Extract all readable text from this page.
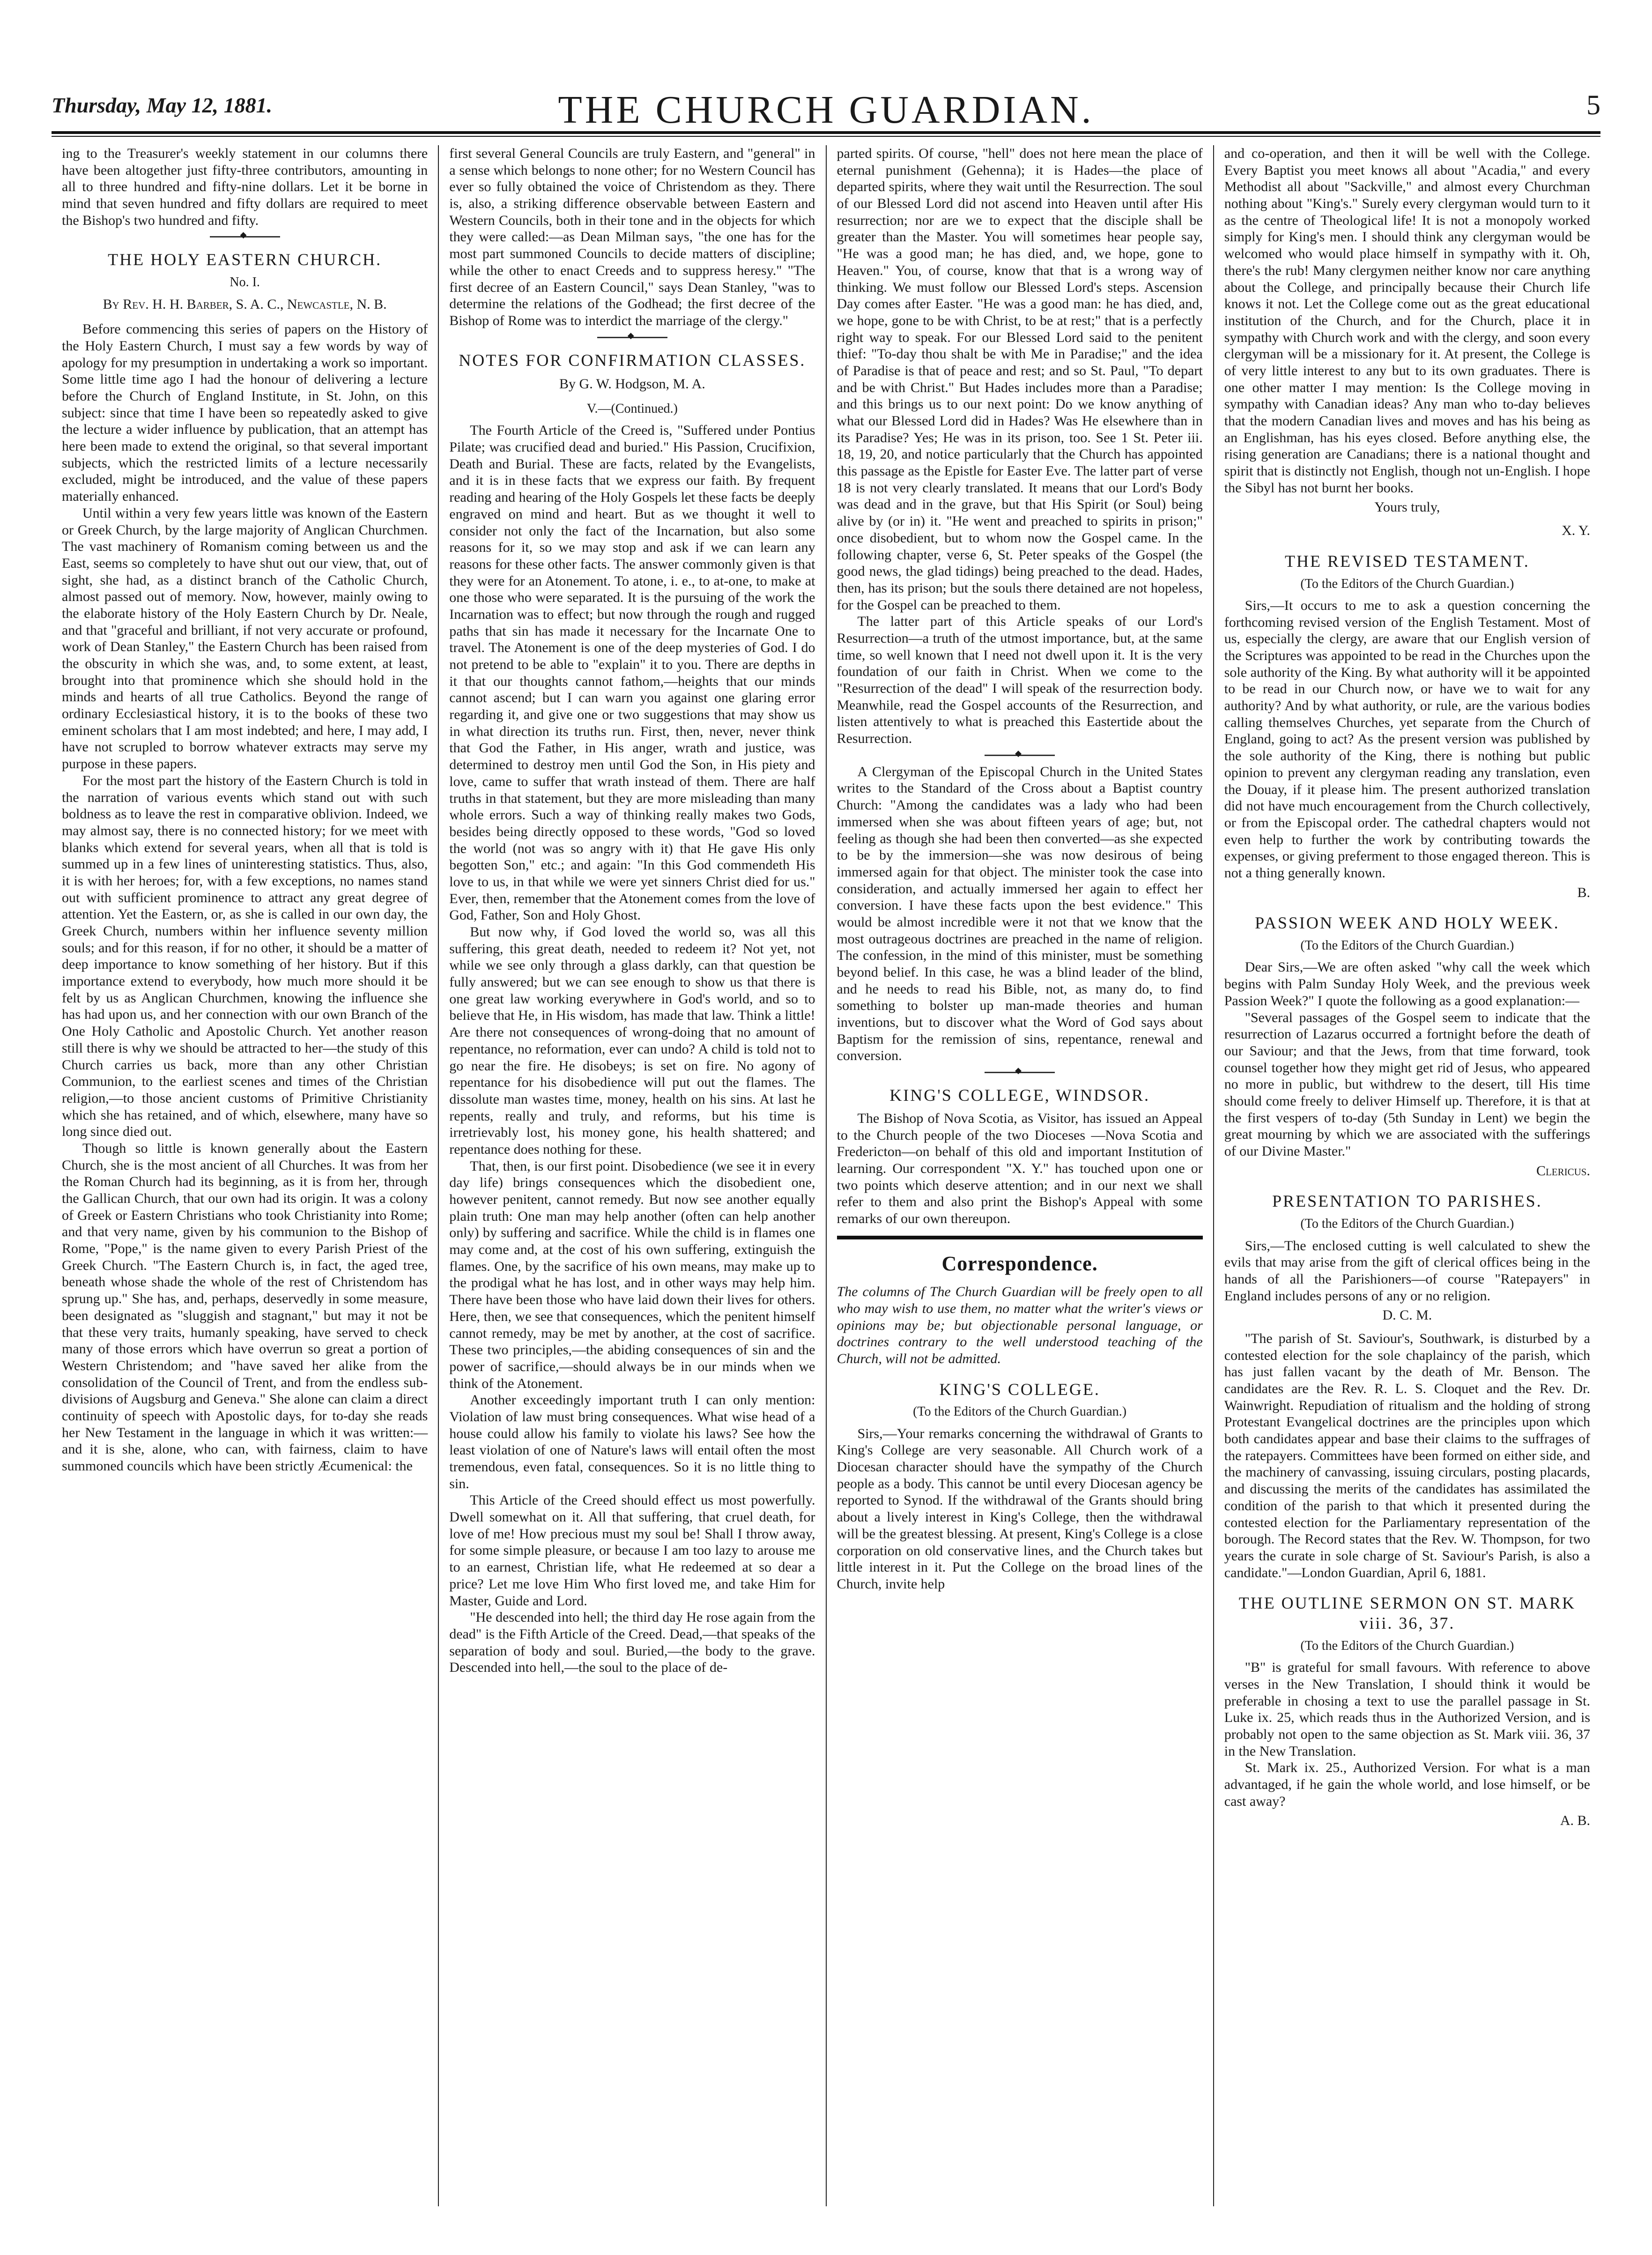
Thursday, May 12, 1881.	THE CHURCH GUARDIAN.	5

ing to the Treasurer's weekly statement in our columns there have been altogether just fifty-three contributors, amounting in all to three hundred and fifty-nine dollars. Let it be borne in mind that seven hundred and fifty dollars are required to meet the Bishop's two hundred and fifty.

◆
THE HOLY EASTERN CHURCH.
No. I.
By Rev. H. H. Barber, S. A. C., Newcastle, N. B.

Before commencing this series of papers on the History of the Holy Eastern Church, I must say a few words by way of apology for my presumption in undertaking a work so important. Some little time ago I had the honour of delivering a lecture before the Church of England Institute, in St. John, on this subject: since that time I have been so repeatedly asked to give the lecture a wider influence by publication, that an attempt has here been made to extend the original, so that several important subjects, which the restricted limits of a lecture necessarily excluded, might be introduced, and the value of these papers materially enhanced.

Until within a very few years little was known of the Eastern or Greek Church, by the large majority of Anglican Churchmen. The vast machinery of Romanism coming between us and the East, seems so completely to have shut out our view, that, out of sight, she had, as a distinct branch of the Catholic Church, almost passed out of memory. Now, however, mainly owing to the elaborate history of the Holy Eastern Church by Dr. Neale, and that "graceful and brilliant, if not very accurate or profound, work of Dean Stanley," the Eastern Church has been raised from the obscurity in which she was, and, to some extent, at least, brought into that prominence which she should hold in the minds and hearts of all true Catholics. Beyond the range of ordinary Ecclesiastical history, it is to the books of these two eminent scholars that I am most indebted; and here, I may add, I have not scrupled to borrow whatever extracts may serve my purpose in these papers.

For the most part the history of the Eastern Church is told in the narration of various events which stand out with such boldness as to leave the rest in comparative oblivion. Indeed, we may almost say, there is no connected history; for we meet with blanks which extend for several years, when all that is told is summed up in a few lines of uninteresting statistics. Thus, also, it is with her heroes; for, with a few exceptions, no names stand out with sufficient prominence to attract any great degree of attention. Yet the Eastern, or, as she is called in our own day, the Greek Church, numbers within her influence seventy million souls; and for this reason, if for no other, it should be a matter of deep importance to know something of her history. But if this importance extend to everybody, how much more should it be felt by us as Anglican Churchmen, knowing the influence she has had upon us, and her connection with our own Branch of the One Holy Catholic and Apostolic Church. Yet another reason still there is why we should be attracted to her—the study of this Church carries us back, more than any other Christian Communion, to the earliest scenes and times of the Christian religion,—to those ancient customs of Primitive Christianity which she has retained, and of which, elsewhere, many have so long since died out.

Though so little is known generally about the Eastern Church, she is the most ancient of all Churches. It was from her the Roman Church had its beginning, as it is from her, through the Gallican Church, that our own had its origin. It was a colony of Greek or Eastern Christians who took Christianity into Rome; and that very name, given by his communion to the Bishop of Rome, "Pope," is the name given to every Parish Priest of the Greek Church. "The Eastern Church is, in fact, the aged tree, beneath whose shade the whole of the rest of Christendom has sprung up." She has, and, perhaps, deservedly in some measure, been designated as "sluggish and stagnant," but may it not be that these very traits, humanly speaking, have served to check many of those errors which have overrun so great a portion of Western Christendom; and "have saved her alike from the consolidation of the Council of Trent, and from the endless sub-divisions of Augsburg and Geneva." She alone can claim a direct continuity of speech with Apostolic days, for to-day she reads her New Testament in the language in which it was written:—and it is she, alone, who can, with fairness, claim to have summoned councils which have been strictly Æcumenical: the

first several General Councils are truly Eastern, and "general" in a sense which belongs to none other; for no Western Council has ever so fully obtained the voice of Christendom as they. There is, also, a striking difference observable between Eastern and Western Councils, both in their tone and in the objects for which they were called:—as Dean Milman says, "the one has for the most part summoned Councils to decide matters of discipline; while the other to enact Creeds and to suppress heresy." "The first decree of an Eastern Council," says Dean Stanley, "was to determine the relations of the Godhead; the first decree of the Bishop of Rome was to interdict the marriage of the clergy."

◆
NOTES FOR CONFIRMATION CLASSES.
By G. W. Hodgson, M. A.
V.—(Continued.)

The Fourth Article of the Creed is, "Suffered under Pontius Pilate; was crucified dead and buried." His Passion, Crucifixion, Death and Burial. These are facts, related by the Evangelists, and it is in these facts that we express our faith. By frequent reading and hearing of the Holy Gospels let these facts be deeply engraved on mind and heart. But as we thought it well to consider not only the fact of the Incarnation, but also some reasons for it, so we may stop and ask if we can learn any reasons for these other facts. The answer commonly given is that they were for an Atonement. To atone, i. e., to at-one, to make at one those who were separated. It is the pursuing of the work the Incarnation was to effect; but now through the rough and rugged paths that sin has made it necessary for the Incarnate One to travel. The Atonement is one of the deep mysteries of God. I do not pretend to be able to "explain" it to you. There are depths in it that our thoughts cannot fathom,—heights that our minds cannot ascend; but I can warn you against one glaring error regarding it, and give one or two suggestions that may show us in what direction its truths run. First, then, never, never think that God the Father, in His anger, wrath and justice, was determined to destroy men until God the Son, in His piety and love, came to suffer that wrath instead of them. There are half truths in that statement, but they are more misleading than many whole errors. Such a way of thinking really makes two Gods, besides being directly opposed to these words, "God so loved the world (not was so angry with it) that He gave His only begotten Son," etc.; and again: "In this God commendeth His love to us, in that while we were yet sinners Christ died for us." Ever, then, remember that the Atonement comes from the love of God, Father, Son and Holy Ghost.

But now why, if God loved the world so, was all this suffering, this great death, needed to redeem it? Not yet, not while we see only through a glass darkly, can that question be fully answered; but we can see enough to show us that there is one great law working everywhere in God's world, and so to believe that He, in His wisdom, has made that law. Think a little! Are there not consequences of wrong-doing that no amount of repentance, no reformation, ever can undo? A child is told not to go near the fire. He disobeys; is set on fire. No agony of repentance for his disobedience will put out the flames. The dissolute man wastes time, money, health on his sins. At last he repents, really and truly, and reforms, but his time is irretrievably lost, his money gone, his health shattered; and repentance does nothing for these.

That, then, is our first point. Disobedience (we see it in every day life) brings consequences which the disobedient one, however penitent, cannot remedy. But now see another equally plain truth: One man may help another (often can help another only) by suffering and sacrifice. While the child is in flames one may come and, at the cost of his own suffering, extinguish the flames. One, by the sacrifice of his own means, may make up to the prodigal what he has lost, and in other ways may help him. There have been those who have laid down their lives for others. Here, then, we see that consequences, which the penitent himself cannot remedy, may be met by another, at the cost of sacrifice. These two principles,—the abiding consequences of sin and the power of sacrifice,—should always be in our minds when we think of the Atonement.

Another exceedingly important truth I can only mention: Violation of law must bring consequences. What wise head of a house could allow his family to violate his laws? See how the least violation of one of Nature's laws will entail often the most tremendous, even fatal, consequences. So it is no little thing to sin.

This Article of the Creed should effect us most powerfully. Dwell somewhat on it. All that suffering, that cruel death, for love of me! How precious must my soul be! Shall I throw away, for some simple pleasure, or because I am too lazy to arouse me to an earnest, Christian life, what He redeemed at so dear a price? Let me love Him Who first loved me, and take Him for Master, Guide and Lord.

"He descended into hell; the third day He rose again from the dead" is the Fifth Article of the Creed. Dead,—that speaks of the separation of body and soul. Buried,—the body to the grave. Descended into hell,—the soul to the place of de-

parted spirits. Of course, "hell" does not here mean the place of eternal punishment (Gehenna); it is Hades—the place of departed spirits, where they wait until the Resurrection. The soul of our Blessed Lord did not ascend into Heaven until after His resurrection; nor are we to expect that the disciple shall be greater than the Master. You will sometimes hear people say, "He was a good man; he has died, and, we hope, gone to Heaven." You, of course, know that that is a wrong way of thinking. We must follow our Blessed Lord's steps. Ascension Day comes after Easter. "He was a good man: he has died, and, we hope, gone to be with Christ, to be at rest;" that is a perfectly right way to speak. For our Blessed Lord said to the penitent thief: "To-day thou shalt be with Me in Paradise;" and the idea of Paradise is that of peace and rest; and so St. Paul, "To depart and be with Christ." But Hades includes more than a Paradise; and this brings us to our next point: Do we know anything of what our Blessed Lord did in Hades? Was He elsewhere than in its Paradise? Yes; He was in its prison, too. See 1 St. Peter iii. 18, 19, 20, and notice particularly that the Church has appointed this passage as the Epistle for Easter Eve. The latter part of verse 18 is not very clearly translated. It means that our Lord's Body was dead and in the grave, but that His Spirit (or Soul) being alive by (or in) it. "He went and preached to spirits in prison;" once disobedient, but to whom now the Gospel came. In the following chapter, verse 6, St. Peter speaks of the Gospel (the good news, the glad tidings) being preached to the dead. Hades, then, has its prison; but the souls there detained are not hopeless, for the Gospel can be preached to them.

The latter part of this Article speaks of our Lord's Resurrection—a truth of the utmost importance, but, at the same time, so well known that I need not dwell upon it. It is the very foundation of our faith in Christ. When we come to the "Resurrection of the dead" I will speak of the resurrection body. Meanwhile, read the Gospel accounts of the Resurrection, and listen attentively to what is preached this Eastertide about the Resurrection.

◆

A Clergyman of the Episcopal Church in the United States writes to the Standard of the Cross about a Baptist country Church: "Among the candidates was a lady who had been immersed when she was about fifteen years of age; but, not feeling as though she had been then converted—as she expected to be by the immersion—she was now desirous of being immersed again for that object. The minister took the case into consideration, and actually immersed her again to effect her conversion. I have these facts upon the best evidence." This would be almost incredible were it not that we know that the most outrageous doctrines are preached in the name of religion. The confession, in the mind of this minister, must be something beyond belief. In this case, he was a blind leader of the blind, and he needs to read his Bible, not, as many do, to find something to bolster up man-made theories and human inventions, but to discover what the Word of God says about Baptism for the remission of sins, repentance, renewal and conversion.

◆
KING'S COLLEGE, WINDSOR.

The Bishop of Nova Scotia, as Visitor, has issued an Appeal to the Church people of the two Dioceses —Nova Scotia and Fredericton—on behalf of this old and important Institution of learning. Our correspondent "X. Y." has touched upon one or two points which deserve attention; and in our next we shall refer to them and also print the Bishop's Appeal with some remarks of our own thereupon.

Correspondence.

The columns of The Church Guardian will be freely open to all who may wish to use them, no matter what the writer's views or opinions may be; but objectionable personal language, or doctrines contrary to the well understood teaching of the Church, will not be admitted.

KING'S COLLEGE.
(To the Editors of the Church Guardian.)

Sirs,—Your remarks concerning the withdrawal of Grants to King's College are very seasonable. All Church work of a Diocesan character should have the sympathy of the Church people as a body. This cannot be until every Diocesan agency be reported to Synod. If the withdrawal of the Grants should bring about a lively interest in King's College, then the withdrawal will be the greatest blessing. At present, King's College is a close corporation on old conservative lines, and the Church takes but little interest in it. Put the College on the broad lines of the Church, invite help

and co-operation, and then it will be well with the College. Every Baptist you meet knows all about "Acadia," and every Methodist all about "Sackville," and almost every Churchman nothing about "King's." Surely every clergyman would turn to it as the centre of Theological life! It is not a monopoly worked simply for King's men. I should think any clergyman would be welcomed who would place himself in sympathy with it. Oh, there's the rub! Many clergymen neither know nor care anything about the College, and principally because their Church life knows it not. Let the College come out as the great educational institution of the Church, and for the Church, place it in sympathy with Church work and with the clergy, and soon every clergyman will be a missionary for it. At present, the College is of very little interest to any but to its own graduates. There is one other matter I may mention: Is the College moving in sympathy with Canadian ideas? Any man who to-day believes that the modern Canadian lives and moves and has his being as an Englishman, has his eyes closed. Before anything else, the rising generation are Canadians; there is a national thought and spirit that is distinctly not English, though not un-English. I hope the Sibyl has not burnt her books.

Yours truly,
X. Y.
THE REVISED TESTAMENT.
(To the Editors of the Church Guardian.)

Sirs,—It occurs to me to ask a question concerning the forthcoming revised version of the English Testament. Most of us, especially the clergy, are aware that our English version of the Scriptures was appointed to be read in the Churches upon the sole authority of the King. By what authority will it be appointed to be read in our Church now, or have we to wait for any authority? And by what authority, or rule, are the various bodies calling themselves Churches, yet separate from the Church of England, going to act? As the present version was published by the sole authority of the King, there is nothing but public opinion to prevent any clergyman reading any translation, even the Douay, if it please him. The present authorized translation did not have much encouragement from the Church collectively, or from the Episcopal order. The cathedral chapters would not even help to further the work by contributing towards the expenses, or giving preferment to those engaged thereon. This is not a thing generally known.

B.
PASSION WEEK AND HOLY WEEK.
(To the Editors of the Church Guardian.)

Dear Sirs,—We are often asked "why call the week which begins with Palm Sunday Holy Week, and the previous week Passion Week?" I quote the following as a good explanation:—

"Several passages of the Gospel seem to indicate that the resurrection of Lazarus occurred a fortnight before the death of our Saviour; and that the Jews, from that time forward, took counsel together how they might get rid of Jesus, who appeared no more in public, but withdrew to the desert, till His time should come freely to deliver Himself up. Therefore, it is that at the first vespers of to-day (5th Sunday in Lent) we begin the great mourning by which we are associated with the sufferings of our Divine Master."

Clericus.
PRESENTATION TO PARISHES.
(To the Editors of the Church Guardian.)

Sirs,—The enclosed cutting is well calculated to shew the evils that may arise from the gift of clerical offices being in the hands of all the Parishioners—of course "Ratepayers" in England includes persons of any or no religion.

D. C. M.

"The parish of St. Saviour's, Southwark, is disturbed by a contested election for the sole chaplaincy of the parish, which has just fallen vacant by the death of Mr. Benson. The candidates are the Rev. R. L. S. Cloquet and the Rev. Dr. Wainwright. Repudiation of ritualism and the holding of strong Protestant Evangelical doctrines are the principles upon which both candidates appear and base their claims to the suffrages of the ratepayers. Committees have been formed on either side, and the machinery of canvassing, issuing circulars, posting placards, and discussing the merits of the candidates has assimilated the condition of the parish to that which it presented during the contested election for the Parliamentary representation of the borough. The Record states that the Rev. W. Thompson, for two years the curate in sole charge of St. Saviour's Parish, is also a candidate."—London Guardian, April 6, 1881.

THE OUTLINE SERMON ON ST. MARK viii. 36, 37.
(To the Editors of the Church Guardian.)

"B" is grateful for small favours. With reference to above verses in the New Translation, I should think it would be preferable in chosing a text to use the parallel passage in St. Luke ix. 25, which reads thus in the Authorized Version, and is probably not open to the same objection as St. Mark viii. 36, 37 in the New Translation.

St. Mark ix. 25., Authorized Version. For what is a man advantaged, if he gain the whole world, and lose himself, or be cast away?

A. B.
